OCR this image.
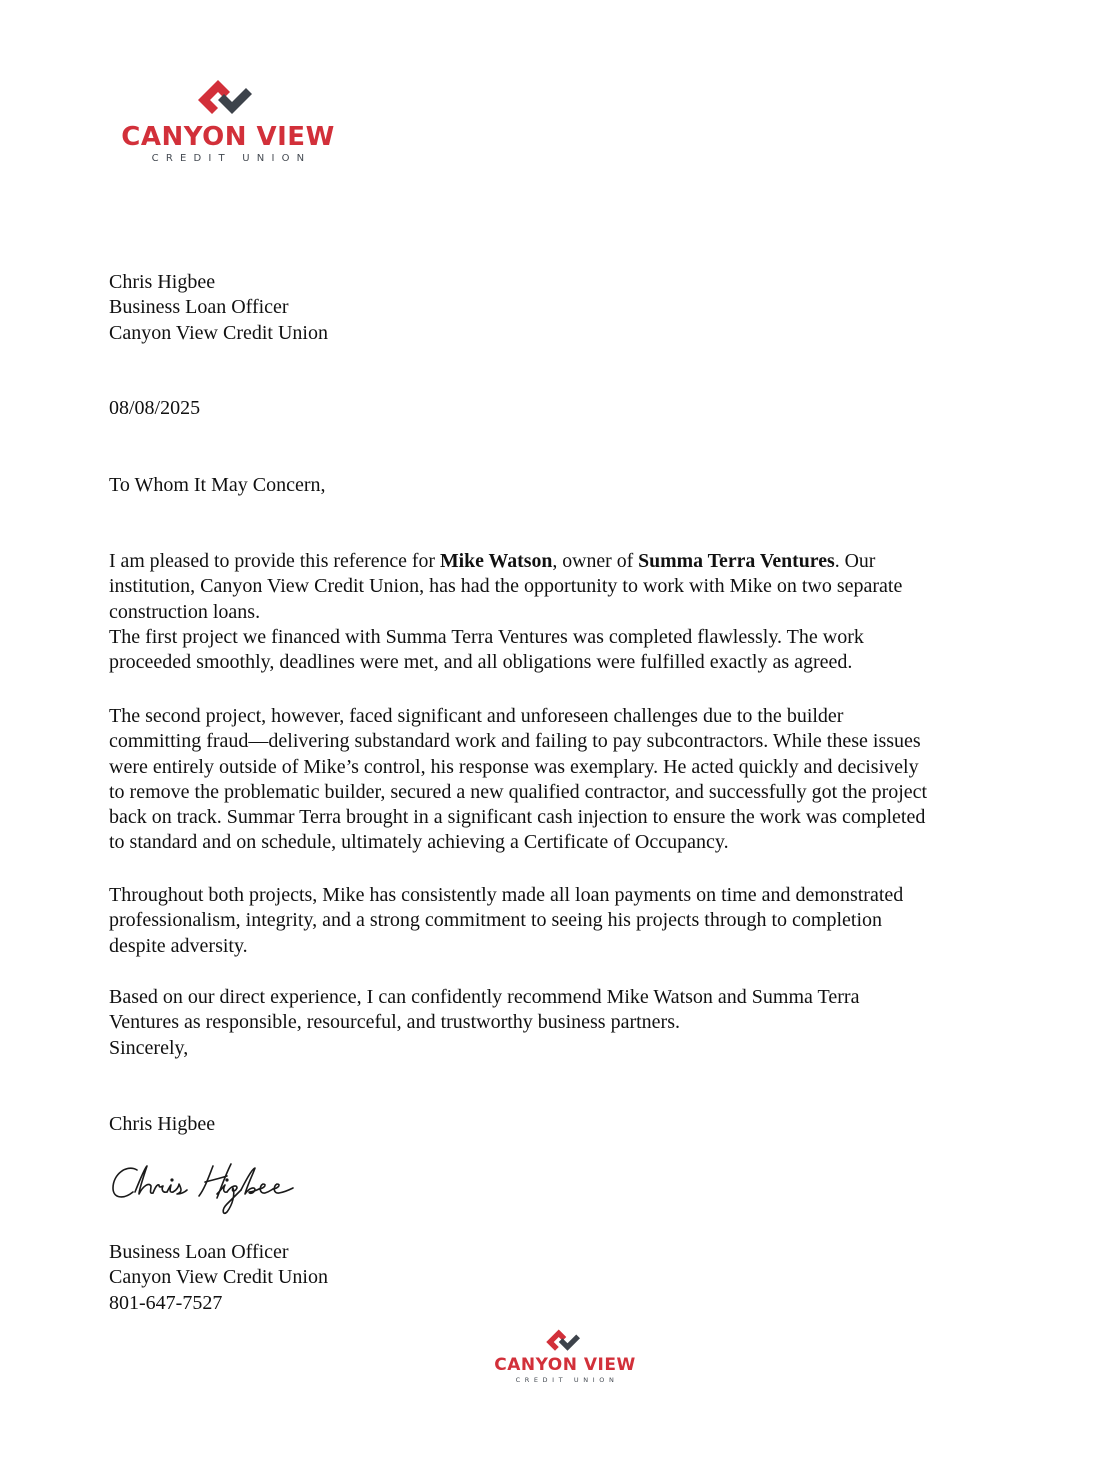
CANYON VIEW
CREDIT UNION
Chris Higbee
Business Loan Officer
Canyon View Credit Union
08/08/2025
To Whom It May Concern,
I am pleased to provide this reference for Mike Watson, owner of Summa Terra Ventures. Our
institution, Canyon View Credit Union, has had the opportunity to work with Mike on two separate
construction loans.
The first project we financed with Summa Terra Ventures was completed flawlessly. The work
proceeded smoothly, deadlines were met, and all obligations were fulfilled exactly as agreed.
The second project, however, faced significant and unforeseen challenges due to the builder
committing fraud—delivering substandard work and failing to pay subcontractors. While these issues
were entirely outside of Mike’s control, his response was exemplary. He acted quickly and decisively
to remove the problematic builder, secured a new qualified contractor, and successfully got the project
back on track. Summar Terra brought in a significant cash injection to ensure the work was completed
to standard and on schedule, ultimately achieving a Certificate of Occupancy.
Throughout both projects, Mike has consistently made all loan payments on time and demonstrated
professionalism, integrity, and a strong commitment to seeing his projects through to completion
despite adversity.
Based on our direct experience, I can confidently recommend Mike Watson and Summa Terra
Ventures as responsible, resourceful, and trustworthy business partners.
Sincerely,
Chris Higbee
Business Loan Officer
Canyon View Credit Union
801-647-7527
CANYON VIEW
CREDIT UNION
